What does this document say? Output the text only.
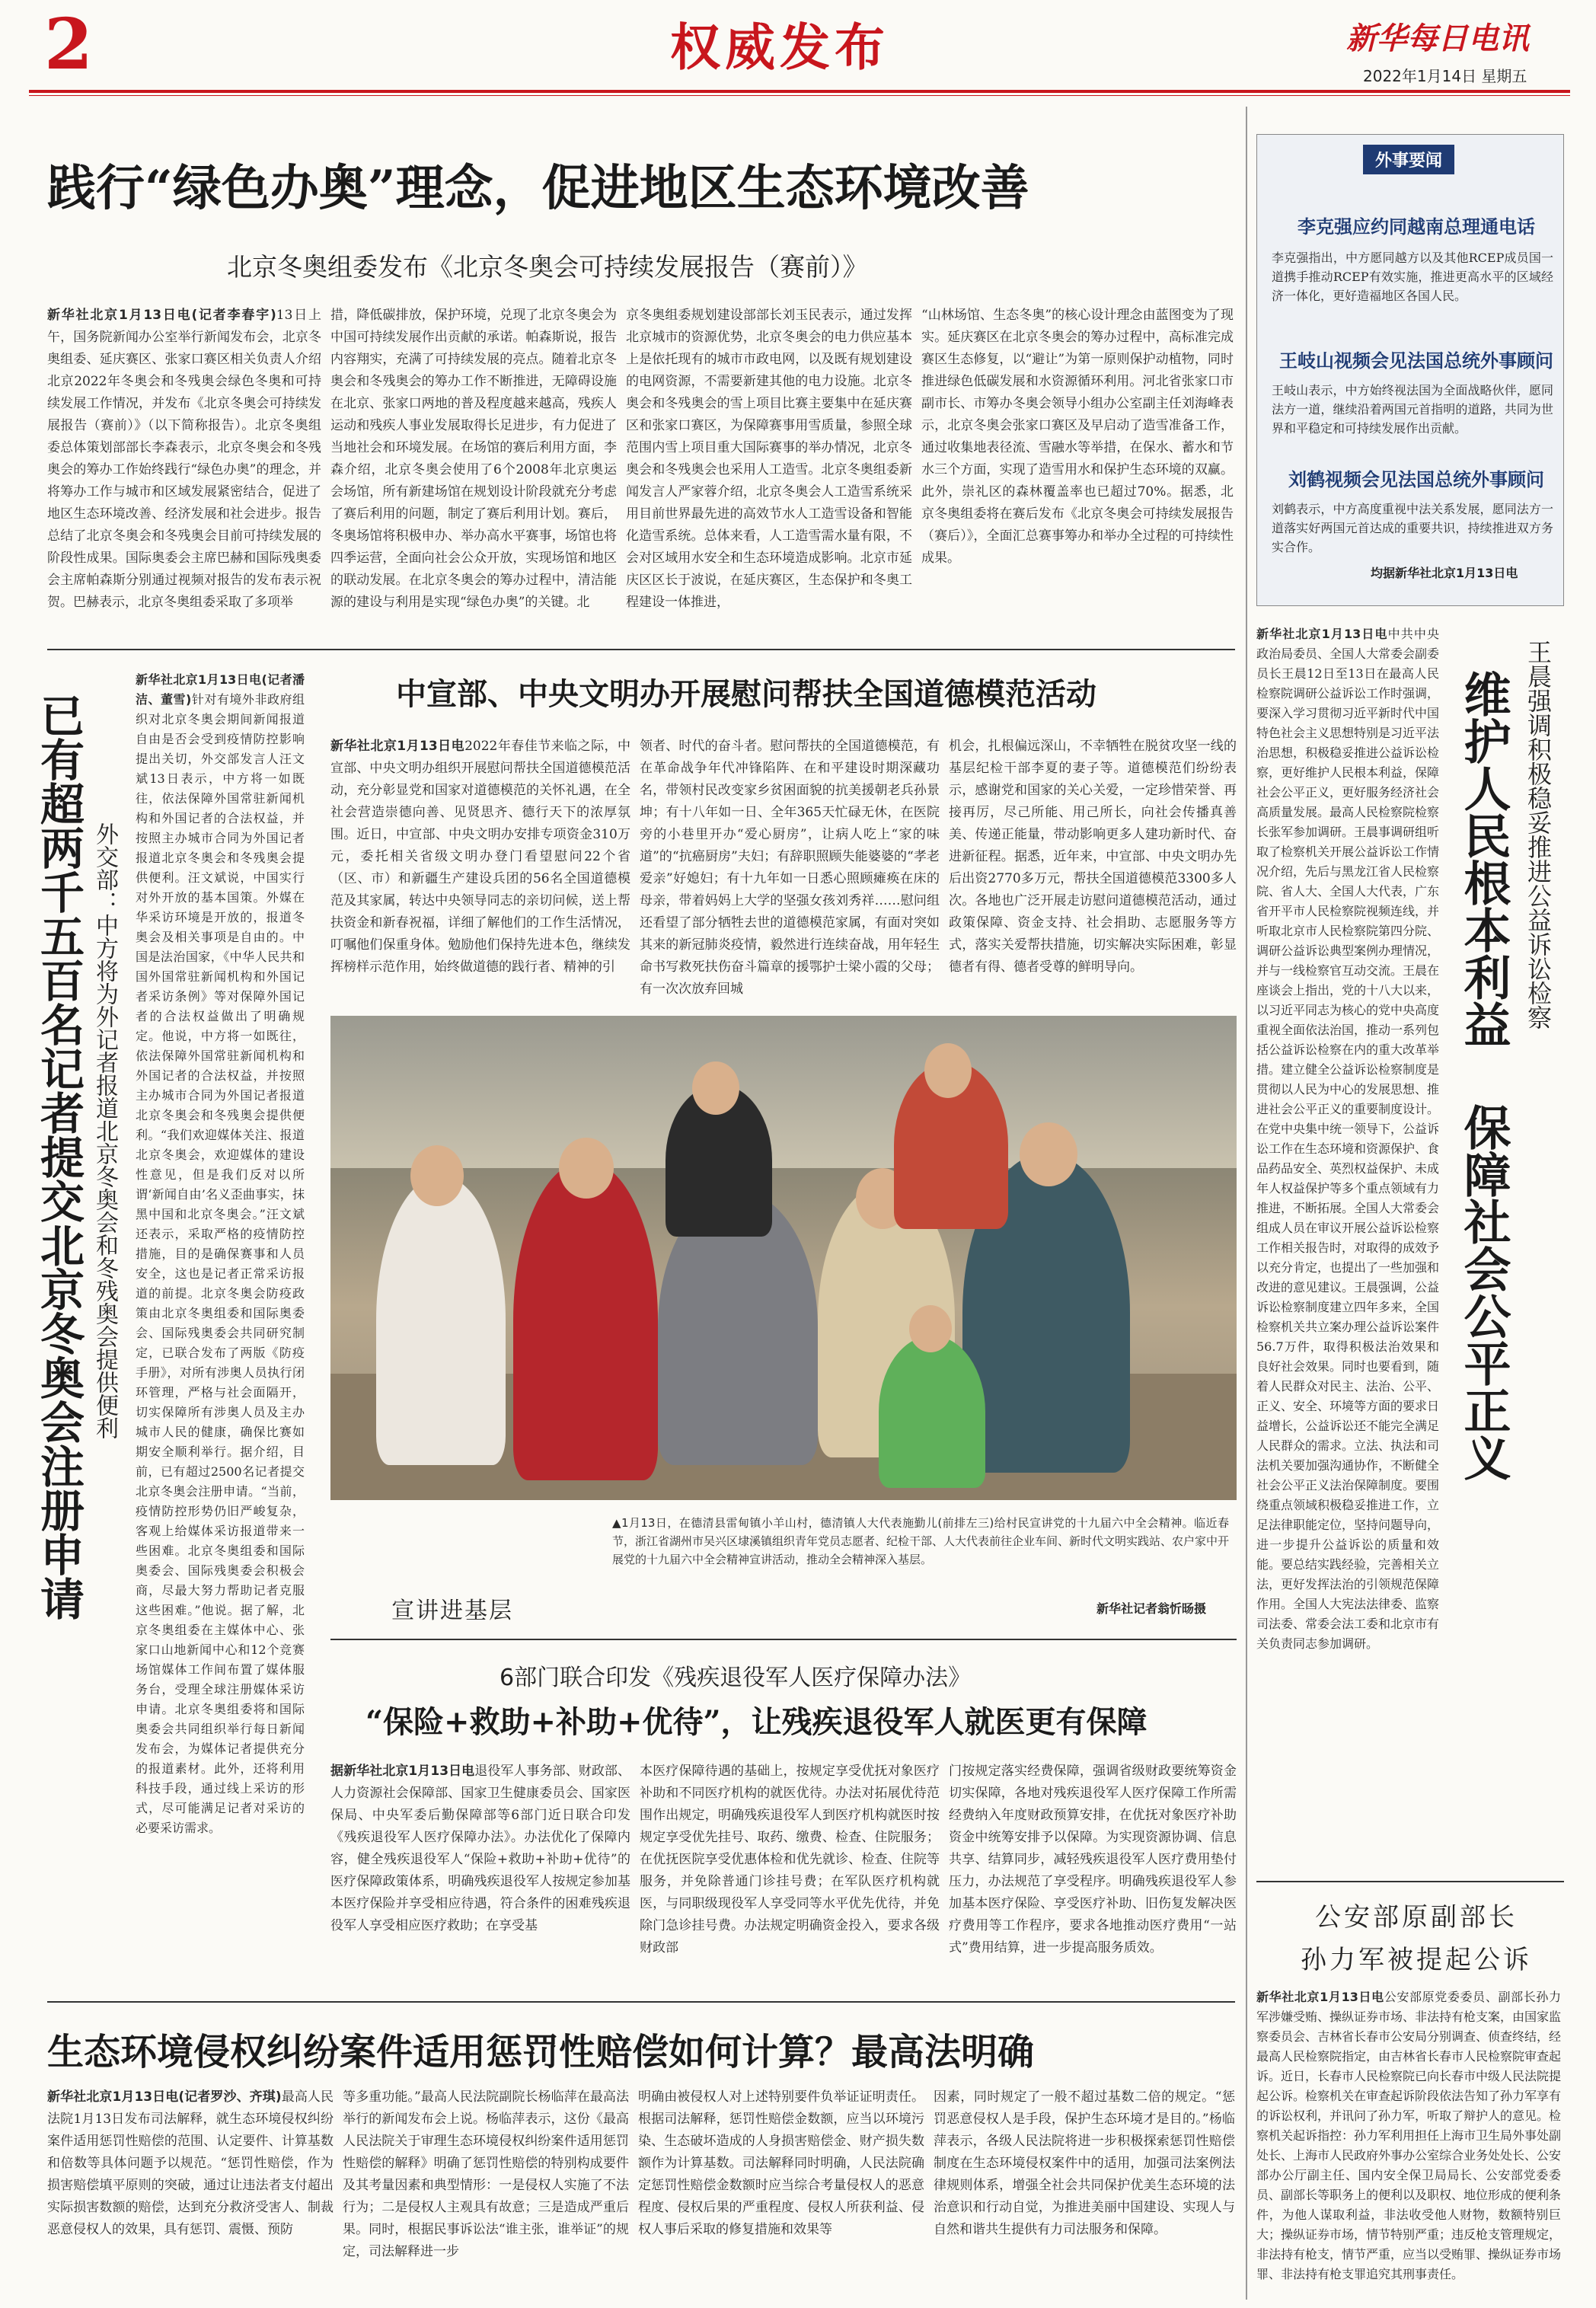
2	权威发布	新华每日电讯
2022年1月14日 星期五
践行“绿色办奥”理念，促进地区生态环境改善
北京冬奥组委发布《北京冬奥会可持续发展报告（赛前）》
新华社北京1月13日电(记者李春宇)13日上午，国务院新闻办公室举行新闻发布会，北京冬奥组委、延庆赛区、张家口赛区相关负责人介绍北京2022年冬奥会和冬残奥会绿色冬奥和可持续发展工作情况，并发布《北京冬奥会可持续发展报告（赛前）》（以下简称报告）。北京冬奥组委总体策划部部长李森表示，北京冬奥会和冬残奥会的筹办工作始终践行“绿色办奥”的理念，并将筹办工作与城市和区域发展紧密结合，促进了地区生态环境改善、经济发展和社会进步。报告总结了北京冬奥会和冬残奥会目前可持续发展的阶段性成果。国际奥委会主席巴赫和国际残奥委会主席帕森斯分别通过视频对报告的发布表示祝贺。巴赫表示，北京冬奥组委采取了多项举
措，降低碳排放，保护环境，兑现了北京冬奥会为中国可持续发展作出贡献的承诺。帕森斯说，报告内容翔实，充满了可持续发展的亮点。随着北京冬奥会和冬残奥会的筹办工作不断推进，无障碍设施在北京、张家口两地的普及程度越来越高，残疾人运动和残疾人事业发展取得长足进步，有力促进了当地社会和环境发展。在场馆的赛后利用方面，李森介绍，北京冬奥会使用了6个2008年北京奥运会场馆，所有新建场馆在规划设计阶段就充分考虑了赛后利用的问题，制定了赛后利用计划。赛后，冬奥场馆将积极申办、举办高水平赛事，场馆也将四季运营，全面向社会公众开放，实现场馆和地区的联动发展。在北京冬奥会的筹办过程中，清洁能源的建设与利用是实现“绿色办奥”的关键。北
京冬奥组委规划建设部部长刘玉民表示，通过发挥北京城市的资源优势，北京冬奥会的电力供应基本上是依托现有的城市市政电网，以及既有规划建设的电网资源，不需要新建其他的电力设施。北京冬奥会和冬残奥会的雪上项目比赛主要集中在延庆赛区和张家口赛区，为保障赛事用雪质量，参照全球范围内雪上项目重大国际赛事的举办情况，北京冬奥会和冬残奥会也采用人工造雪。北京冬奥组委新闻发言人严家蓉介绍，北京冬奥会人工造雪系统采用目前世界最先进的高效节水人工造雪设备和智能化造雪系统。总体来看，人工造雪需水量有限，不会对区域用水安全和生态环境造成影响。北京市延庆区区长于波说，在延庆赛区，生态保护和冬奥工程建设一体推进，
“山林场馆、生态冬奥”的核心设计理念由蓝图变为了现实。延庆赛区在北京冬奥会的筹办过程中，高标准完成赛区生态修复，以“避让”为第一原则保护动植物，同时推进绿色低碳发展和水资源循环利用。河北省张家口市副市长、市筹办冬奥会领导小组办公室副主任刘海峰表示，北京冬奥会张家口赛区及早启动了造雪准备工作，通过收集地表径流、雪融水等举措，在保水、蓄水和节水三个方面，实现了造雪用水和保护生态环境的双赢。此外，崇礼区的森林覆盖率也已超过70%。据悉，北京冬奥组委将在赛后发布《北京冬奥会可持续发展报告（赛后）》，全面汇总赛事筹办和举办全过程的可持续性成果。
外事要闻
李克强应约同越南总理通电话
李克强指出，中方愿同越方以及其他RCEP成员国一道携手推动RCEP有效实施，推进更高水平的区域经济一体化，更好造福地区各国人民。
王岐山视频会见法国总统外事顾问
王岐山表示，中方始终视法国为全面战略伙伴，愿同法方一道，继续沿着两国元首指明的道路，共同为世界和平稳定和可持续发展作出贡献。
刘鹤视频会见法国总统外事顾问
刘鹤表示，中方高度重视中法关系发展，愿同法方一道落实好两国元首达成的重要共识，持续推进双方务实合作。
均据新华社北京1月13日电
王晨强调积极稳妥推进公益诉讼检察
维护人民根本利益 保障社会公平正义
新华社北京1月13日电中共中央政治局委员、全国人大常委会副委员长王晨12日至13日在最高人民检察院调研公益诉讼工作时强调，要深入学习贯彻习近平新时代中国特色社会主义思想特别是习近平法治思想，积极稳妥推进公益诉讼检察，更好维护人民根本利益，保障社会公平正义，更好服务经济社会高质量发展。最高人民检察院检察长张军参加调研。王晨事调研组听取了检察机关开展公益诉讼工作情况介绍，先后与黑龙江省人民检察院、省人大、全国人大代表，广东省开平市人民检察院视频连线，并听取北京市人民检察院第四分院、调研公益诉讼典型案例办理情况，并与一线检察官互动交流。王晨在座谈会上指出，党的十八大以来，以习近平同志为核心的党中央高度重视全面依法治国，推动一系列包括公益诉讼检察在内的重大改革举措。建立健全公益诉讼检察制度是贯彻以人民为中心的发展思想、推进社会公平正义的重要制度设计。在党中央集中统一领导下，公益诉讼工作在生态环境和资源保护、食品药品安全、英烈权益保护、未成年人权益保护等多个重点领域有力推进，不断拓展。全国人大常委会组成人员在审议开展公益诉讼检察工作相关报告时，对取得的成效予以充分肯定，也提出了一些加强和改进的意见建议。王晨强调，公益诉讼检察制度建立四年多来，全国检察机关共立案办理公益诉讼案件56.7万件，取得积极法治效果和良好社会效果。同时也要看到，随着人民群众对民主、法治、公平、正义、安全、环境等方面的要求日益增长，公益诉讼还不能完全满足人民群众的需求。立法、执法和司法机关要加强沟通协作，不断健全社会公平正义法治保障制度。要围绕重点领域积极稳妥推进工作，立足法律职能定位，坚持问题导向，进一步提升公益诉讼的质量和效能。要总结实践经验，完善相关立法，更好发挥法治的引领规范保障作用。全国人大宪法法律委、监察司法委、常委会法工委和北京市有关负责同志参加调研。
公安部原副部长
孙力军被提起公诉
新华社北京1月13日电公安部原党委委员、副部长孙力军涉嫌受贿、操纵证券市场、非法持有枪支案，由国家监察委员会、吉林省长春市公安局分别调查、侦查终结，经最高人民检察院指定，由吉林省长春市人民检察院审查起诉。近日，长春市人民检察院已向长春市中级人民法院提起公诉。检察机关在审查起诉阶段依法告知了孙力军享有的诉讼权利，并讯问了孙力军，听取了辩护人的意见。检察机关起诉指控：孙力军利用担任上海市卫生局外事处副处长、上海市人民政府外事办公室综合业务处处长、公安部办公厅副主任、国内安全保卫局局长、公安部党委委员、副部长等职务上的便利以及职权、地位形成的便利条件，为他人谋取利益，非法收受他人财物，数额特别巨大；操纵证券市场，情节特别严重；违反枪支管理规定，非法持有枪支，情节严重，应当以受贿罪、操纵证券市场罪、非法持有枪支罪追究其刑事责任。
已有超两千五百名记者提交北京冬奥会注册申请 外交部：中方将为外记者报道北京冬奥会和冬残奥会提供便利
新华社北京1月13日电(记者潘洁、董雪)针对有境外非政府组织对北京冬奥会期间新闻报道自由是否会受到疫情防控影响提出关切，外交部发言人汪文斌13日表示，中方将一如既往，依法保障外国常驻新闻机构和外国记者的合法权益，并按照主办城市合同为外国记者报道北京冬奥会和冬残奥会提供便利。汪文斌说，中国实行对外开放的基本国策。外媒在华采访环境是开放的，报道冬奥会及相关事项是自由的。中国是法治国家，《中华人民共和国外国常驻新闻机构和外国记者采访条例》等对保障外国记者的合法权益做出了明确规定。他说，中方将一如既往，依法保障外国常驻新闻机构和外国记者的合法权益，并按照主办城市合同为外国记者报道北京冬奥会和冬残奥会提供便利。“我们欢迎媒体关注、报道北京冬奥会，欢迎媒体的建设性意见，但是我们反对以所谓‘新闻自由’名义歪曲事实，抹黑中国和北京冬奥会。”汪文斌还表示，采取严格的疫情防控措施，目的是确保赛事和人员安全，这也是记者正常采访报道的前提。北京冬奥会防疫政策由北京冬奥组委和国际奥委会、国际残奥委会共同研究制定，已联合发布了两版《防疫手册》，对所有涉奥人员执行闭环管理，严格与社会面隔开，切实保障所有涉奥人员及主办城市人民的健康，确保比赛如期安全顺利举行。据介绍，目前，已有超过2500名记者提交北京冬奥会注册申请。“当前，疫情防控形势仍旧严峻复杂，客观上给媒体采访报道带来一些困难。北京冬奥组委和国际奥委会、国际残奥委会积极会商，尽最大努力帮助记者克服这些困难。”他说。据了解，北京冬奥组委在主媒体中心、张家口山地新闻中心和12个竞赛场馆媒体工作间布置了媒体服务台，受理全球注册媒体采访申请。北京冬奥组委将和国际奥委会共同组织举行每日新闻发布会，为媒体记者提供充分的报道素材。此外，还将利用科技手段，通过线上采访的形式，尽可能满足记者对采访的必要采访需求。
中宣部、中央文明办开展慰问帮扶全国道德模范活动
新华社北京1月13日电2022年春佳节来临之际，中宣部、中央文明办组织开展慰问帮扶全国道德模范活动，充分彰显党和国家对道德模范的关怀礼遇，在全社会营造崇德向善、见贤思齐、德行天下的浓厚氛围。近日，中宣部、中央文明办安排专项资金310万元，委托相关省级文明办登门看望慰问22个省（区、市）和新疆生产建设兵团的56名全国道德模范及其家属，转达中央领导同志的亲切问候，送上帮扶资金和新春祝福，详细了解他们的工作生活情况，叮嘱他们保重身体。勉励他们保持先进本色，继续发挥榜样示范作用，始终做道德的践行者、精神的引
领者、时代的奋斗者。慰问帮扶的全国道德模范，有在革命战争年代冲锋陷阵、在和平建设时期深藏功名，带领村民改变家乡贫困面貌的抗美援朝老兵孙景坤；有十八年如一日、全年365天忙碌无休，在医院旁的小巷里开办“爱心厨房”，让病人吃上“家的味道”的“抗癌厨房”夫妇；有辞职照顾失能婆婆的“孝老爱亲”好媳妇；有十九年如一日悉心照顾瘫痪在床的母亲，带着妈妈上大学的坚强女孩刘秀祥……慰问组还看望了部分牺牲去世的道德模范家属，有面对突如其来的新冠肺炎疫情，毅然进行连续奋战，用年轻生命书写救死扶伤奋斗篇章的援鄂护士梁小霞的父母；有一次次放弃回城
机会，扎根偏远深山，不幸牺牲在脱贫攻坚一线的基层纪检干部李夏的妻子等。道德模范们纷纷表示，感谢党和国家的关心关爱，一定珍惜荣誉、再接再厉，尽己所能、用己所长，向社会传播真善美、传递正能量，带动影响更多人建功新时代、奋进新征程。据悉，近年来，中宣部、中央文明办先后出资2770多万元，帮扶全国道德模范3300多人次。各地也广泛开展走访慰问道德模范活动，通过政策保障、资金支持、社会捐助、志愿服务等方式，落实关爱帮扶措施，切实解决实际困难，彰显德者有得、德者受尊的鲜明导向。
宣讲进基层
▲1月13日，在德清县雷甸镇小羊山村，德清镇人大代表施勤儿(前排左三)给村民宣讲党的十九届六中全会精神。临近春节，浙江省湖州市吴兴区埭溪镇组织青年党员志愿者、纪检干部、人大代表前往企业车间、新时代文明实践站、农户家中开展党的十九届六中全会精神宣讲活动，推动全会精神深入基层。
新华社记者翁忻旸摄
6部门联合印发《残疾退役军人医疗保障办法》
“保险+救助+补助+优待”，让残疾退役军人就医更有保障
据新华社北京1月13日电退役军人事务部、财政部、人力资源社会保障部、国家卫生健康委员会、国家医保局、中央军委后勤保障部等6部门近日联合印发《残疾退役军人医疗保障办法》。办法优化了保障内容，健全残疾退役军人“保险+救助+补助+优待”的医疗保障政策体系，明确残疾退役军人按规定参加基本医疗保险并享受相应待遇，符合条件的困难残疾退役军人享受相应医疗救助；在享受基
本医疗保障待遇的基础上，按规定享受优抚对象医疗补助和不同医疗机构的就医优待。办法对拓展优待范围作出规定，明确残疾退役军人到医疗机构就医时按规定享受优先挂号、取药、缴费、检查、住院服务；在优抚医院享受优惠体检和优先就诊、检查、住院等服务，并免除普通门诊挂号费；在军队医疗机构就医，与同职级现役军人享受同等水平优先优待，并免除门急诊挂号费。办法规定明确资金投入，要求各级财政部
门按规定落实经费保障，强调省级财政要统筹资金切实保障，各地对残疾退役军人医疗保障工作所需经费纳入年度财政预算安排，在优抚对象医疗补助资金中统筹安排予以保障。为实现资源协调、信息共享、结算同步，减轻残疾退役军人医疗费用垫付压力，办法规范了享受程序。明确残疾退役军人参加基本医疗保险、享受医疗补助、旧伤复发解决医疗费用等工作程序，要求各地推动医疗费用“一站式”费用结算，进一步提高服务质效。
生态环境侵权纠纷案件适用惩罚性赔偿如何计算？最高法明确
新华社北京1月13日电(记者罗沙、齐琪)最高人民法院1月13日发布司法解释，就生态环境侵权纠纷案件适用惩罚性赔偿的范围、认定要件、计算基数和倍数等具体问题予以规范。“惩罚性赔偿，作为损害赔偿填平原则的突破，通过让违法者支付超出实际损害数额的赔偿，达到充分救济受害人、制裁恶意侵权人的效果，具有惩罚、震慑、预防
等多重功能。”最高人民法院副院长杨临萍在最高法举行的新闻发布会上说。杨临萍表示，这份《最高人民法院关于审理生态环境侵权纠纷案件适用惩罚性赔偿的解释》明确了惩罚性赔偿的特别构成要件及其考量因素和典型情形：一是侵权人实施了不法行为；二是侵权人主观具有故意；三是造成严重后果。同时，根据民事诉讼法“谁主张，谁举证”的规定，司法解释进一步
明确由被侵权人对上述特别要件负举证证明责任。根据司法解释，惩罚性赔偿金数额，应当以环境污染、生态破坏造成的人身损害赔偿金、财产损失数额作为计算基数。司法解释同时明确，人民法院确定惩罚性赔偿金数额时应当综合考量侵权人的恶意程度、侵权后果的严重程度、侵权人所获利益、侵权人事后采取的修复措施和效果等
因素，同时规定了一般不超过基数二倍的规定。“惩罚恶意侵权人是手段，保护生态环境才是目的。”杨临萍表示，各级人民法院将进一步积极探索惩罚性赔偿制度在生态环境侵权案件中的适用，加强司法案例法律规则体系，增强全社会共同保护优美生态环境的法治意识和行动自觉，为推进美丽中国建设、实现人与自然和谐共生提供有力司法服务和保障。
